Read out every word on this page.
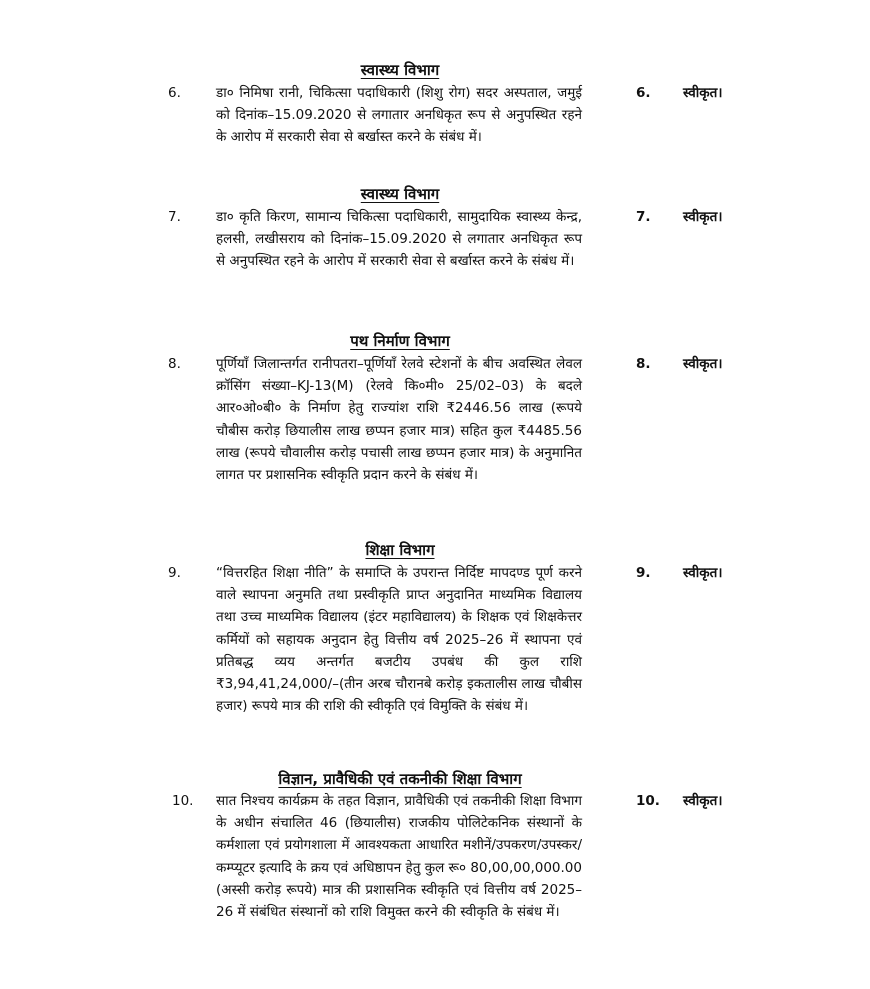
स्वास्थ्य विभाग
6.	डा० निमिषा रानी, चिकित्सा पदाधिकारी (शिशु रोग) सदर अस्पताल, जमुई को दिनांक–15.09.2020 से लगातार अनधिकृत रूप से अनुपस्थित रहने के आरोप में सरकारी सेवा से बर्खास्त करने के संबंध में।
6. स्वीकृत।
स्वास्थ्य विभाग
7.	डा० कृति किरण, सामान्य चिकित्सा पदाधिकारी, सामुदायिक स्वास्थ्य केन्द्र, हलसी, लखीसराय को दिनांक–15.09.2020 से लगातार अनधिकृत रूप से अनुपस्थित रहने के आरोप में सरकारी सेवा से बर्खास्त करने के संबंध में।
7. स्वीकृत।
पथ निर्माण विभाग
8.	पूर्णियाँ जिलान्तर्गत रानीपतरा–पूर्णियाँ रेलवे स्टेशनों के बीच अवस्थित लेवल क्रॉसिंग संख्या–KJ-13(M) (रेलवे कि०मी० 25/02–03) के बदले आर०ओ०बी० के निर्माण हेतु राज्यांश राशि ₹2446.56 लाख (रूपये चौबीस करोड़ छियालीस लाख छप्पन हजार मात्र) सहित कुल ₹4485.56 लाख (रूपये चौवालीस करोड़ पचासी लाख छप्पन हजार मात्र) के अनुमानित लागत पर प्रशासनिक स्वीकृति प्रदान करने के संबंध में।
8. स्वीकृत।
शिक्षा विभाग
9.	“वित्तरहित शिक्षा नीति” के समाप्ति के उपरान्त निर्दिष्ट मापदण्ड पूर्ण करने वाले स्थापना अनुमति तथा प्रस्वीकृति प्राप्त अनुदानित माध्यमिक विद्यालय तथा उच्च माध्यमिक विद्यालय (इंटर महाविद्यालय) के शिक्षक एवं शिक्षकेत्तर कर्मियों को सहायक अनुदान हेतु वित्तीय वर्ष 2025–26 में स्थापना एवं प्रतिबद्ध व्यय अन्तर्गत बजटीय उपबंध की कुल राशि ₹3,94,41,24,000/–(तीन अरब चौरानबे करोड़ इकतालीस लाख चौबीस हजार) रूपये मात्र की राशि की स्वीकृति एवं विमुक्ति के संबंध में।
9. स्वीकृत।
विज्ञान, प्रावैधिकी एवं तकनीकी शिक्षा विभाग
10. सात निश्चय कार्यक्रम के तहत विज्ञान, प्रावैधिकी एवं तकनीकी शिक्षा विभाग के अधीन संचालित 46 (छियालीस) राजकीय पोलिटेकनिक संस्थानों के कर्मशाला एवं प्रयोगशाला में आवश्यकता आधारित मशीनें/उपकरण/उपस्कर/कम्प्यूटर इत्यादि के क्रय एवं अधिष्ठापन हेतु कुल रू० 80,00,00,000.00 (अस्सी करोड़ रूपये) मात्र की प्रशासनिक स्वीकृति एवं वित्तीय वर्ष 2025–26 में संबंधित संस्थानों को राशि विमुक्त करने की स्वीकृति के संबंध में।
10. स्वीकृत।
